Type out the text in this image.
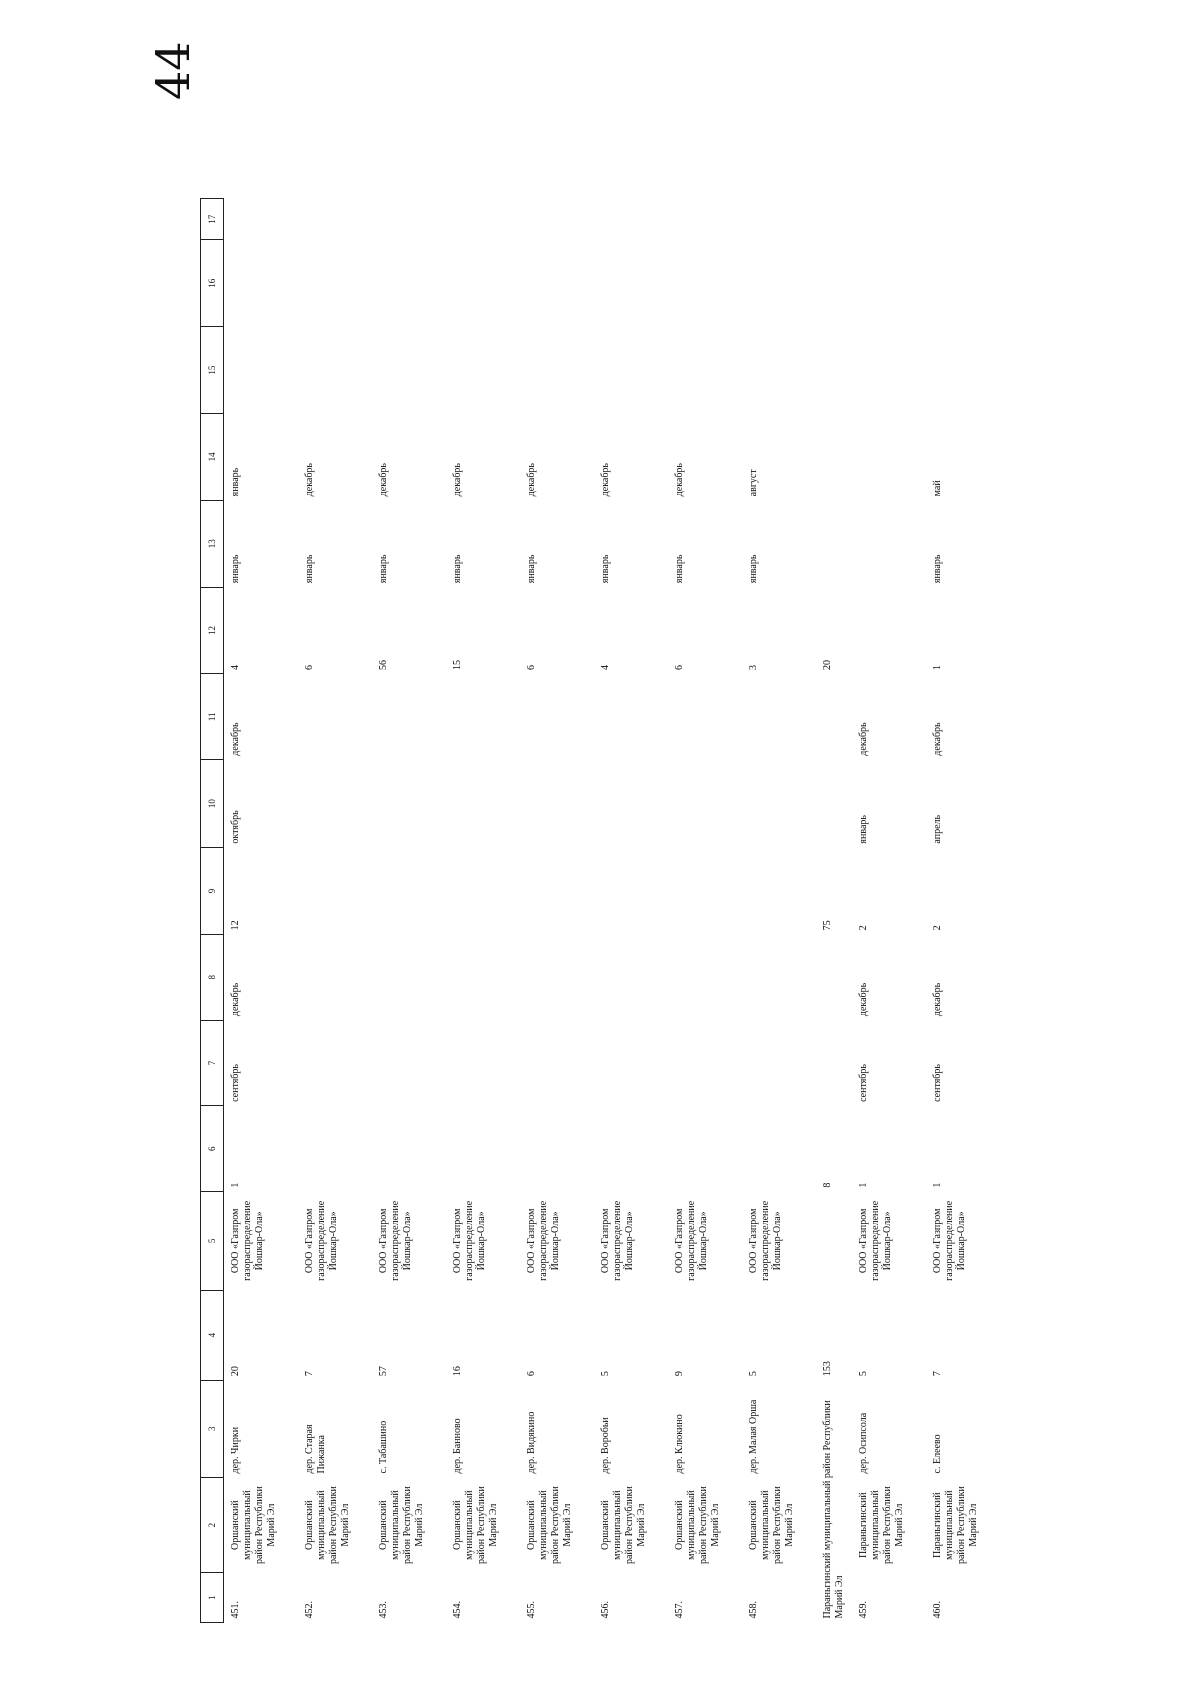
44
1	2	3	4	5	6	7	8	9	10	11	12	13	14	15	16	17
451.	Оршанский муниципальный район Республики Марий Эл	дер. Чирки	20	ООО «Газпром газораспределение Йошкар-Ола»	1	сентябрь	декабрь	12	октябрь	декабрь	4	январь	январь			
452.	Оршанский муниципальный район Республики Марий Эл	дер. Старая Пижанка	7	ООО «Газпром газораспределение Йошкар-Ола»							6	январь	декабрь			
453.	Оршанский муниципальный район Республики Марий Эл	с. Табашино	57	ООО «Газпром газораспределение Йошкар-Ола»							56	январь	декабрь			
454.	Оршанский муниципальный район Республики Марий Эл	дер. Банново	16	ООО «Газпром газораспределение Йошкар-Ола»							15	январь	декабрь			
455.	Оршанский муниципальный район Республики Марий Эл	дер. Видякино	6	ООО «Газпром газораспределение Йошкар-Ола»							6	январь	декабрь			
456.	Оршанский муниципальный район Республики Марий Эл	дер. Воробьи	5	ООО «Газпром газораспределение Йошкар-Ола»							4	январь	декабрь			
457.	Оршанский муниципальный район Республики Марий Эл	дер. Клюкино	9	ООО «Газпром газораспределение Йошкар-Ола»							6	январь	декабрь			
458.	Оршанский муниципальный район Республики Марий Эл	дер. Малая Орша	5	ООО «Газпром газораспределение Йошкар-Ола»							3	январь	август			
Параньгинский муниципальный район Республики Марий Эл			153		8			75			20					
459.	Параньгинский муниципальный район Республики Марий Эл	дер. Осипсола	5	ООО «Газпром газораспределение Йошкар-Ола»	1	сентябрь	декабрь	2	январь	декабрь						
460.	Параньгинский муниципальный район Республики Марий Эл	с. Елеево	7	ООО «Газпром газораспределение Йошкар-Ола»	1	сентябрь	декабрь	2	апрель	декабрь	1	январь	май			
